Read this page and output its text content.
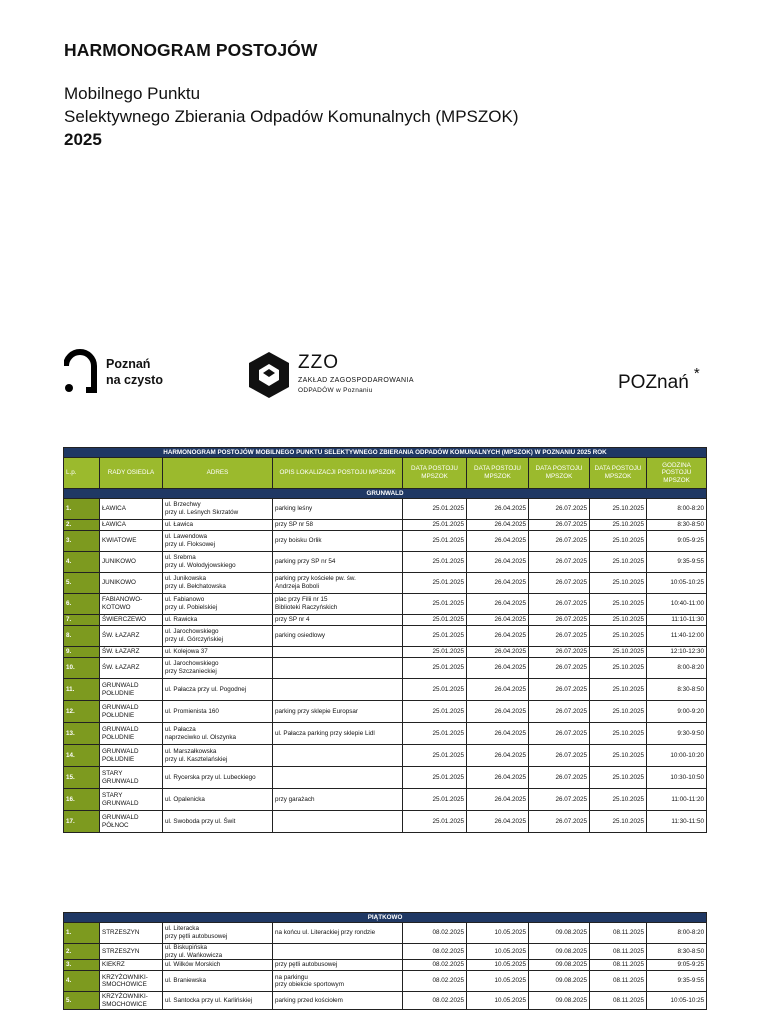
HARMONOGRAM POSTOJÓW
Mobilnego Punktu
Selektywnego Zbierania Odpadów Komunalnych (MPSZOK)
2025
Poznań
na czysto
ZZO
ZAKŁAD ZAGOSPODAROWANIA
ODPADÓW w Poznaniu	POZnań *
HARMONOGRAM POSTOJÓW MOBILNEGO PUNKTU SELEKTYWNEGO ZBIERANIA ODPADÓW KOMUNALNYCH (MPSZOK) W POZNANIU 2025 ROK								
L.p.	RADY OSIEDLA	ADRES	OPIS LOKALIZACJI POSTOJU MPSZOK	DATA POSTOJU MPSZOK	DATA POSTOJU MPSZOK	DATA POSTOJU MPSZOK	DATA POSTOJU MPSZOK	GODZINA POSTOJU MPSZOK
GRUNWALD								
1.	ŁAWICA	ul. Brzechwy
przy ul. Leśnych Skrzatów	parking leśny	25.01.2025	26.04.2025	26.07.2025	25.10.2025	8:00-8:20
2.	ŁAWICA	ul. Ławica	przy SP nr 58	25.01.2025	26.04.2025	26.07.2025	25.10.2025	8:30-8:50
3.	KWIATOWE	ul. Lawendowa
przy ul. Floksowej	przy boisku Orlik	25.01.2025	26.04.2025	26.07.2025	25.10.2025	9:05-9:25
4.	JUNIKOWO	ul. Srebrna
przy ul. Wołodyjowskiego	parking przy SP nr 54	25.01.2025	26.04.2025	26.07.2025	25.10.2025	9:35-9:55
5.	JUNIKOWO	ul. Junikowska
przy ul. Bełchatowska	parking przy kościele pw. św.
Andrzeja Boboli	25.01.2025	26.04.2025	26.07.2025	25.10.2025	10:05-10:25
6.	FABIANOWO-
KOTOWO	ul. Fabianowo
przy ul. Pobielskiej	plac przy Filii nr 15
Biblioteki Raczyńskich	25.01.2025	26.04.2025	26.07.2025	25.10.2025	10:40-11:00
7.	ŚWIERCZEWO	ul. Rawicka	przy SP nr 4	25.01.2025	26.04.2025	26.07.2025	25.10.2025	11:10-11:30
8.	ŚW. ŁAZARZ	ul. Jarochowskiego
przy ul. Górczyńskiej	parking osiedlowy	25.01.2025	26.04.2025	26.07.2025	25.10.2025	11:40-12:00
9.	ŚW. ŁAZARZ	ul. Kolejowa 37		25.01.2025	26.04.2025	26.07.2025	25.10.2025	12:10-12:30
10.	ŚW. ŁAZARZ	ul. Jarochowskiego
przy Szczanieckiej		25.01.2025	26.04.2025	26.07.2025	25.10.2025	8:00-8:20
11.	GRUNWALD
POŁUDNIE	ul. Pałacza przy ul. Pogodnej		25.01.2025	26.04.2025	26.07.2025	25.10.2025	8:30-8:50
12.	GRUNWALD
POŁUDNIE	ul. Promienista 160	parking przy sklepie Europsar	25.01.2025	26.04.2025	26.07.2025	25.10.2025	9:00-9:20
13.	GRUNWALD
POŁUDNIE	ul. Pałacza
naprzeciwko ul. Olszynka	ul. Pałacza parking przy sklepie Lidl	25.01.2025	26.04.2025	26.07.2025	25.10.2025	9:30-9:50
14.	GRUNWALD
POŁUDNIE	ul. Marszałkowska
przy ul. Kasztelańskiej		25.01.2025	26.04.2025	26.07.2025	25.10.2025	10:00-10:20
15.	STARY
GRUNWALD	ul. Rycerska przy ul. Lubeckiego		25.01.2025	26.04.2025	26.07.2025	25.10.2025	10:30-10:50
16.	STARY
GRUNWALD	ul. Opalenicka	przy garażach	25.01.2025	26.04.2025	26.07.2025	25.10.2025	11:00-11:20
17.	GRUNWALD
PÓŁNOC	ul. Swoboda przy ul. Świt		25.01.2025	26.04.2025	26.07.2025	25.10.2025	11:30-11:50
PIĄTKOWO								
1.	STRZESZYN	ul. Literacka
przy pętli autobusowej	na końcu ul. Literackiej przy rondzie	08.02.2025	10.05.2025	09.08.2025	08.11.2025	8:00-8:20
2.	STRZESZYN	ul. Biskupińska
przy ul. Wańkowicza		08.02.2025	10.05.2025	09.08.2025	08.11.2025	8:30-8:50
3.	KIEKRZ	ul. Wilków Morskich	przy pętli autobusowej	08.02.2025	10.05.2025	09.08.2025	08.11.2025	9:05-9:25
4.	KRZYŻOWNIKI-
SMOCHOWICE	ul. Braniewska	na parkingu
przy obiekcie sportowym	08.02.2025	10.05.2025	09.08.2025	08.11.2025	9:35-9:55
5.	KRZYŻOWNIKI-
SMOCHOWICE	ul. Santocka przy ul. Karlińskiej	parking przed kościołem	08.02.2025	10.05.2025	09.08.2025	08.11.2025	10:05-10:25
